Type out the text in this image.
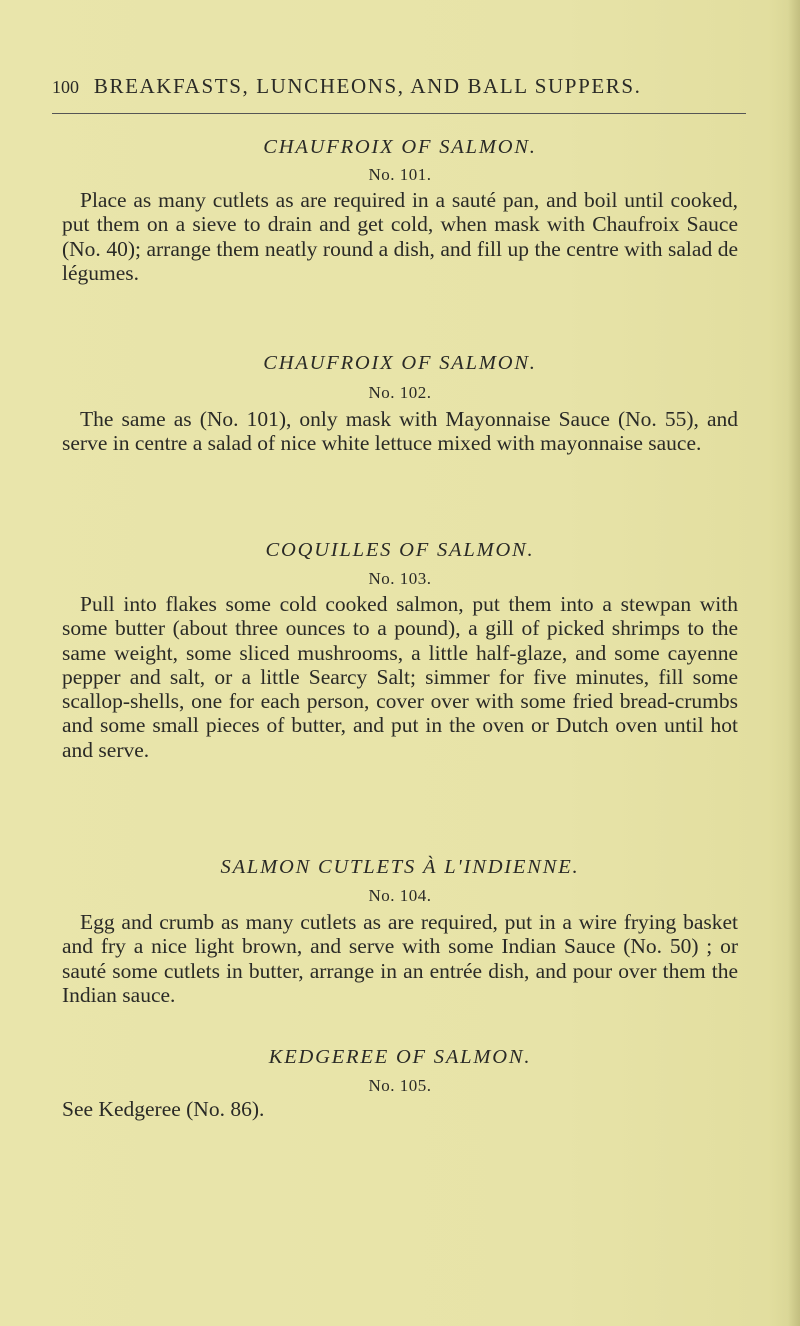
100 BREAKFASTS, LUNCHEONS, AND BALL SUPPERS.
CHAUFROIX OF SALMON.
No. 101.
Place as many cutlets as are required in a sauté pan, and boil until cooked, put them on a sieve to drain and get cold, when mask with Chaufroix Sauce (No. 40); arrange them neatly round a dish, and fill up the centre with salad de légumes.
CHAUFROIX OF SALMON.
No. 102.
The same as (No. 101), only mask with Mayonnaise Sauce (No. 55), and serve in centre a salad of nice white lettuce mixed with mayonnaise sauce.
COQUILLES OF SALMON.
No. 103.
Pull into flakes some cold cooked salmon, put them into a stewpan with some butter (about three ounces to a pound), a gill of picked shrimps to the same weight, some sliced mushrooms, a little half-glaze, and some cayenne pepper and salt, or a little Searcy Salt; simmer for five minutes, fill some scallop-shells, one for each person, cover over with some fried bread-crumbs and some small pieces of butter, and put in the oven or Dutch oven until hot and serve.
SALMON CUTLETS À L'INDIENNE.
No. 104.
Egg and crumb as many cutlets as are required, put in a wire frying basket and fry a nice light brown, and serve with some Indian Sauce (No. 50) ; or sauté some cutlets in butter, arrange in an entrée dish, and pour over them the Indian sauce.
KEDGEREE OF SALMON.
No. 105.
See Kedgeree (No. 86).
